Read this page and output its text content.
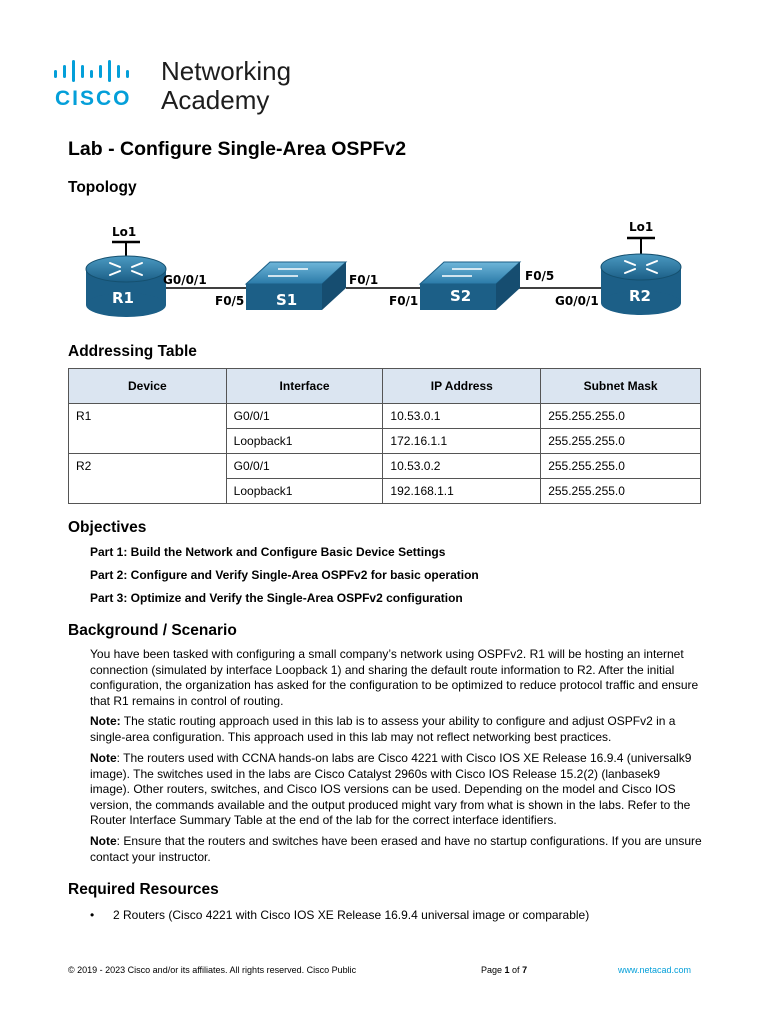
CISCO
Networking
Academy
Lab - Configure Single-Area OSPFv2
Topology
Lo1	Lo1
G0/0/1
F0/5
F0/1
F0/1
F0/5
G0/0/1
R1	R2
S1	S2
Addressing Table
Device	Interface	IP Address	Subnet Mask
R1	G0/0/1	10.53.0.1	255.255.255.0
	Loopback1	172.16.1.1	255.255.255.0
R2	G0/0/1	10.53.0.2	255.255.255.0
	Loopback1	192.168.1.1	255.255.255.0
Objectives
Part 1: Build the Network and Configure Basic Device Settings
Part 2: Configure and Verify Single-Area OSPFv2 for basic operation
Part 3: Optimize and Verify the Single-Area OSPFv2 configuration
Background / Scenario
You have been tasked with configuring a small company’s network using OSPFv2. R1 will be hosting an internet connection (simulated by interface Loopback 1) and sharing the default route information to R2. After the initial configuration, the organization has asked for the configuration to be optimized to reduce protocol traffic and ensure that R1 remains in control of routing.
Note: The static routing approach used in this lab is to assess your ability to configure and adjust OSPFv2 in a single-area configuration. This approach used in this lab may not reflect networking best practices.
Note: The routers used with CCNA hands-on labs are Cisco 4221 with Cisco IOS XE Release 16.9.4 (universalk9 image). The switches used in the labs are Cisco Catalyst 2960s with Cisco IOS Release 15.2(2) (lanbasek9 image). Other routers, switches, and Cisco IOS versions can be used. Depending on the model and Cisco IOS version, the commands available and the output produced might vary from what is shown in the labs. Refer to the Router Interface Summary Table at the end of the lab for the correct interface identifiers.
Note: Ensure that the routers and switches have been erased and have no startup configurations. If you are unsure contact your instructor.
Required Resources
• 2 Routers (Cisco 4221 with Cisco IOS XE Release 16.9.4 universal image or comparable)
© 2019 - 2023 Cisco and/or its affiliates. All rights reserved. Cisco Public	Page 1 of 7	www.netacad.com
